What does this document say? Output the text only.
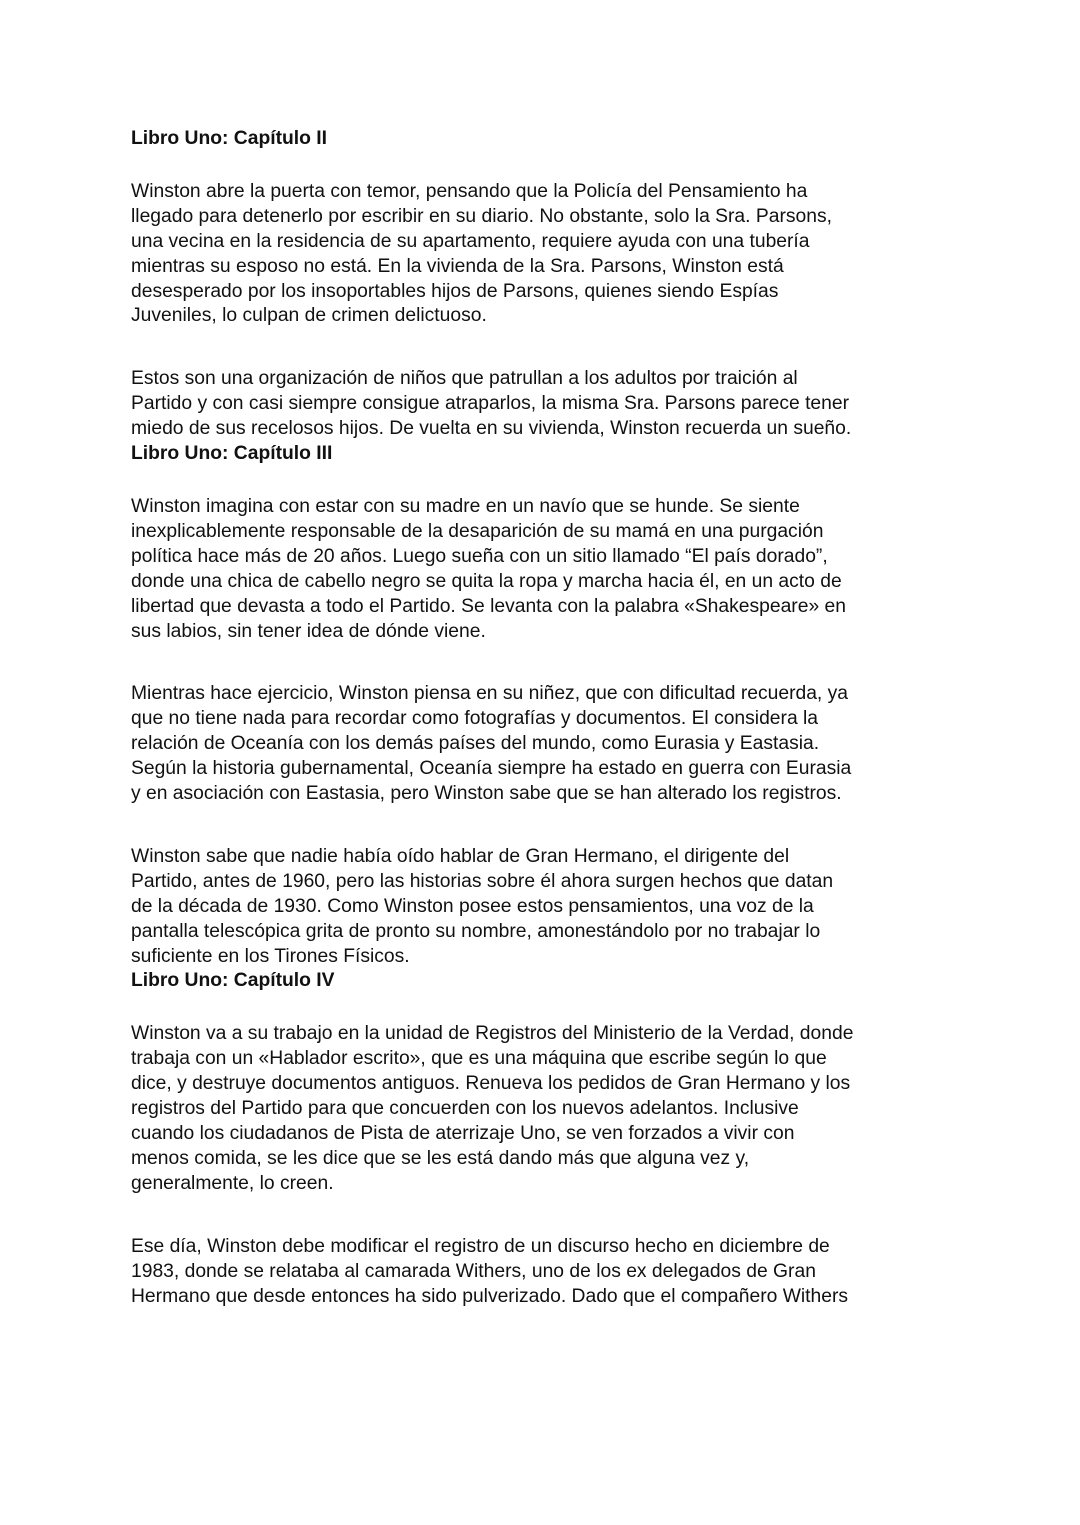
Libro Uno: Capítulo II

Winston abre la puerta con temor, pensando que la Policía del Pensamiento ha
llegado para detenerlo por escribir en su diario. No obstante, solo la Sra. Parsons,
una vecina en la residencia de su apartamento, requiere ayuda con una tubería
mientras su esposo no está. En la vivienda de la Sra. Parsons, Winston está
desesperado por los insoportables hijos de Parsons, quienes siendo Espías
Juveniles, lo culpan de crimen delictuoso.

Estos son una organización de niños que patrullan a los adultos por traición al
Partido y con casi siempre consigue atraparlos, la misma Sra. Parsons parece tener
miedo de sus recelosos hijos. De vuelta en su vivienda, Winston recuerda un sueño.

Libro Uno: Capítulo III

Winston imagina con estar con su madre en un navío que se hunde. Se siente
inexplicablemente responsable de la desaparición de su mamá en una purgación
política hace más de 20 años. Luego sueña con un sitio llamado “El país dorado”,
donde una chica de cabello negro se quita la ropa y marcha hacia él, en un acto de
libertad que devasta a todo el Partido. Se levanta con la palabra «Shakespeare» en
sus labios, sin tener idea de dónde viene.

Mientras hace ejercicio, Winston piensa en su niñez, que con dificultad recuerda, ya
que no tiene nada para recordar como fotografías y documentos. El considera la
relación de Oceanía con los demás países del mundo, como Eurasia y Eastasia.
Según la historia gubernamental, Oceanía siempre ha estado en guerra con Eurasia
y en asociación con Eastasia, pero Winston sabe que se han alterado los registros.

Winston sabe que nadie había oído hablar de Gran Hermano, el dirigente del
Partido, antes de 1960, pero las historias sobre él ahora surgen hechos que datan
de la década de 1930. Como Winston posee estos pensamientos, una voz de la
pantalla telescópica grita de pronto su nombre, amonestándolo por no trabajar lo
suficiente en los Tirones Físicos.

Libro Uno: Capítulo IV

Winston va a su trabajo en la unidad de Registros del Ministerio de la Verdad, donde
trabaja con un «Hablador escrito», que es una máquina que escribe según lo que
dice, y destruye documentos antiguos. Renueva los pedidos de Gran Hermano y los
registros del Partido para que concuerden con los nuevos adelantos. Inclusive
cuando los ciudadanos de Pista de aterrizaje Uno, se ven forzados a vivir con
menos comida, se les dice que se les está dando más que alguna vez y,
generalmente, lo creen.

Ese día, Winston debe modificar el registro de un discurso hecho en diciembre de
1983, donde se relataba al camarada Withers, uno de los ex delegados de Gran
Hermano que desde entonces ha sido pulverizado. Dado que el compañero Withers
